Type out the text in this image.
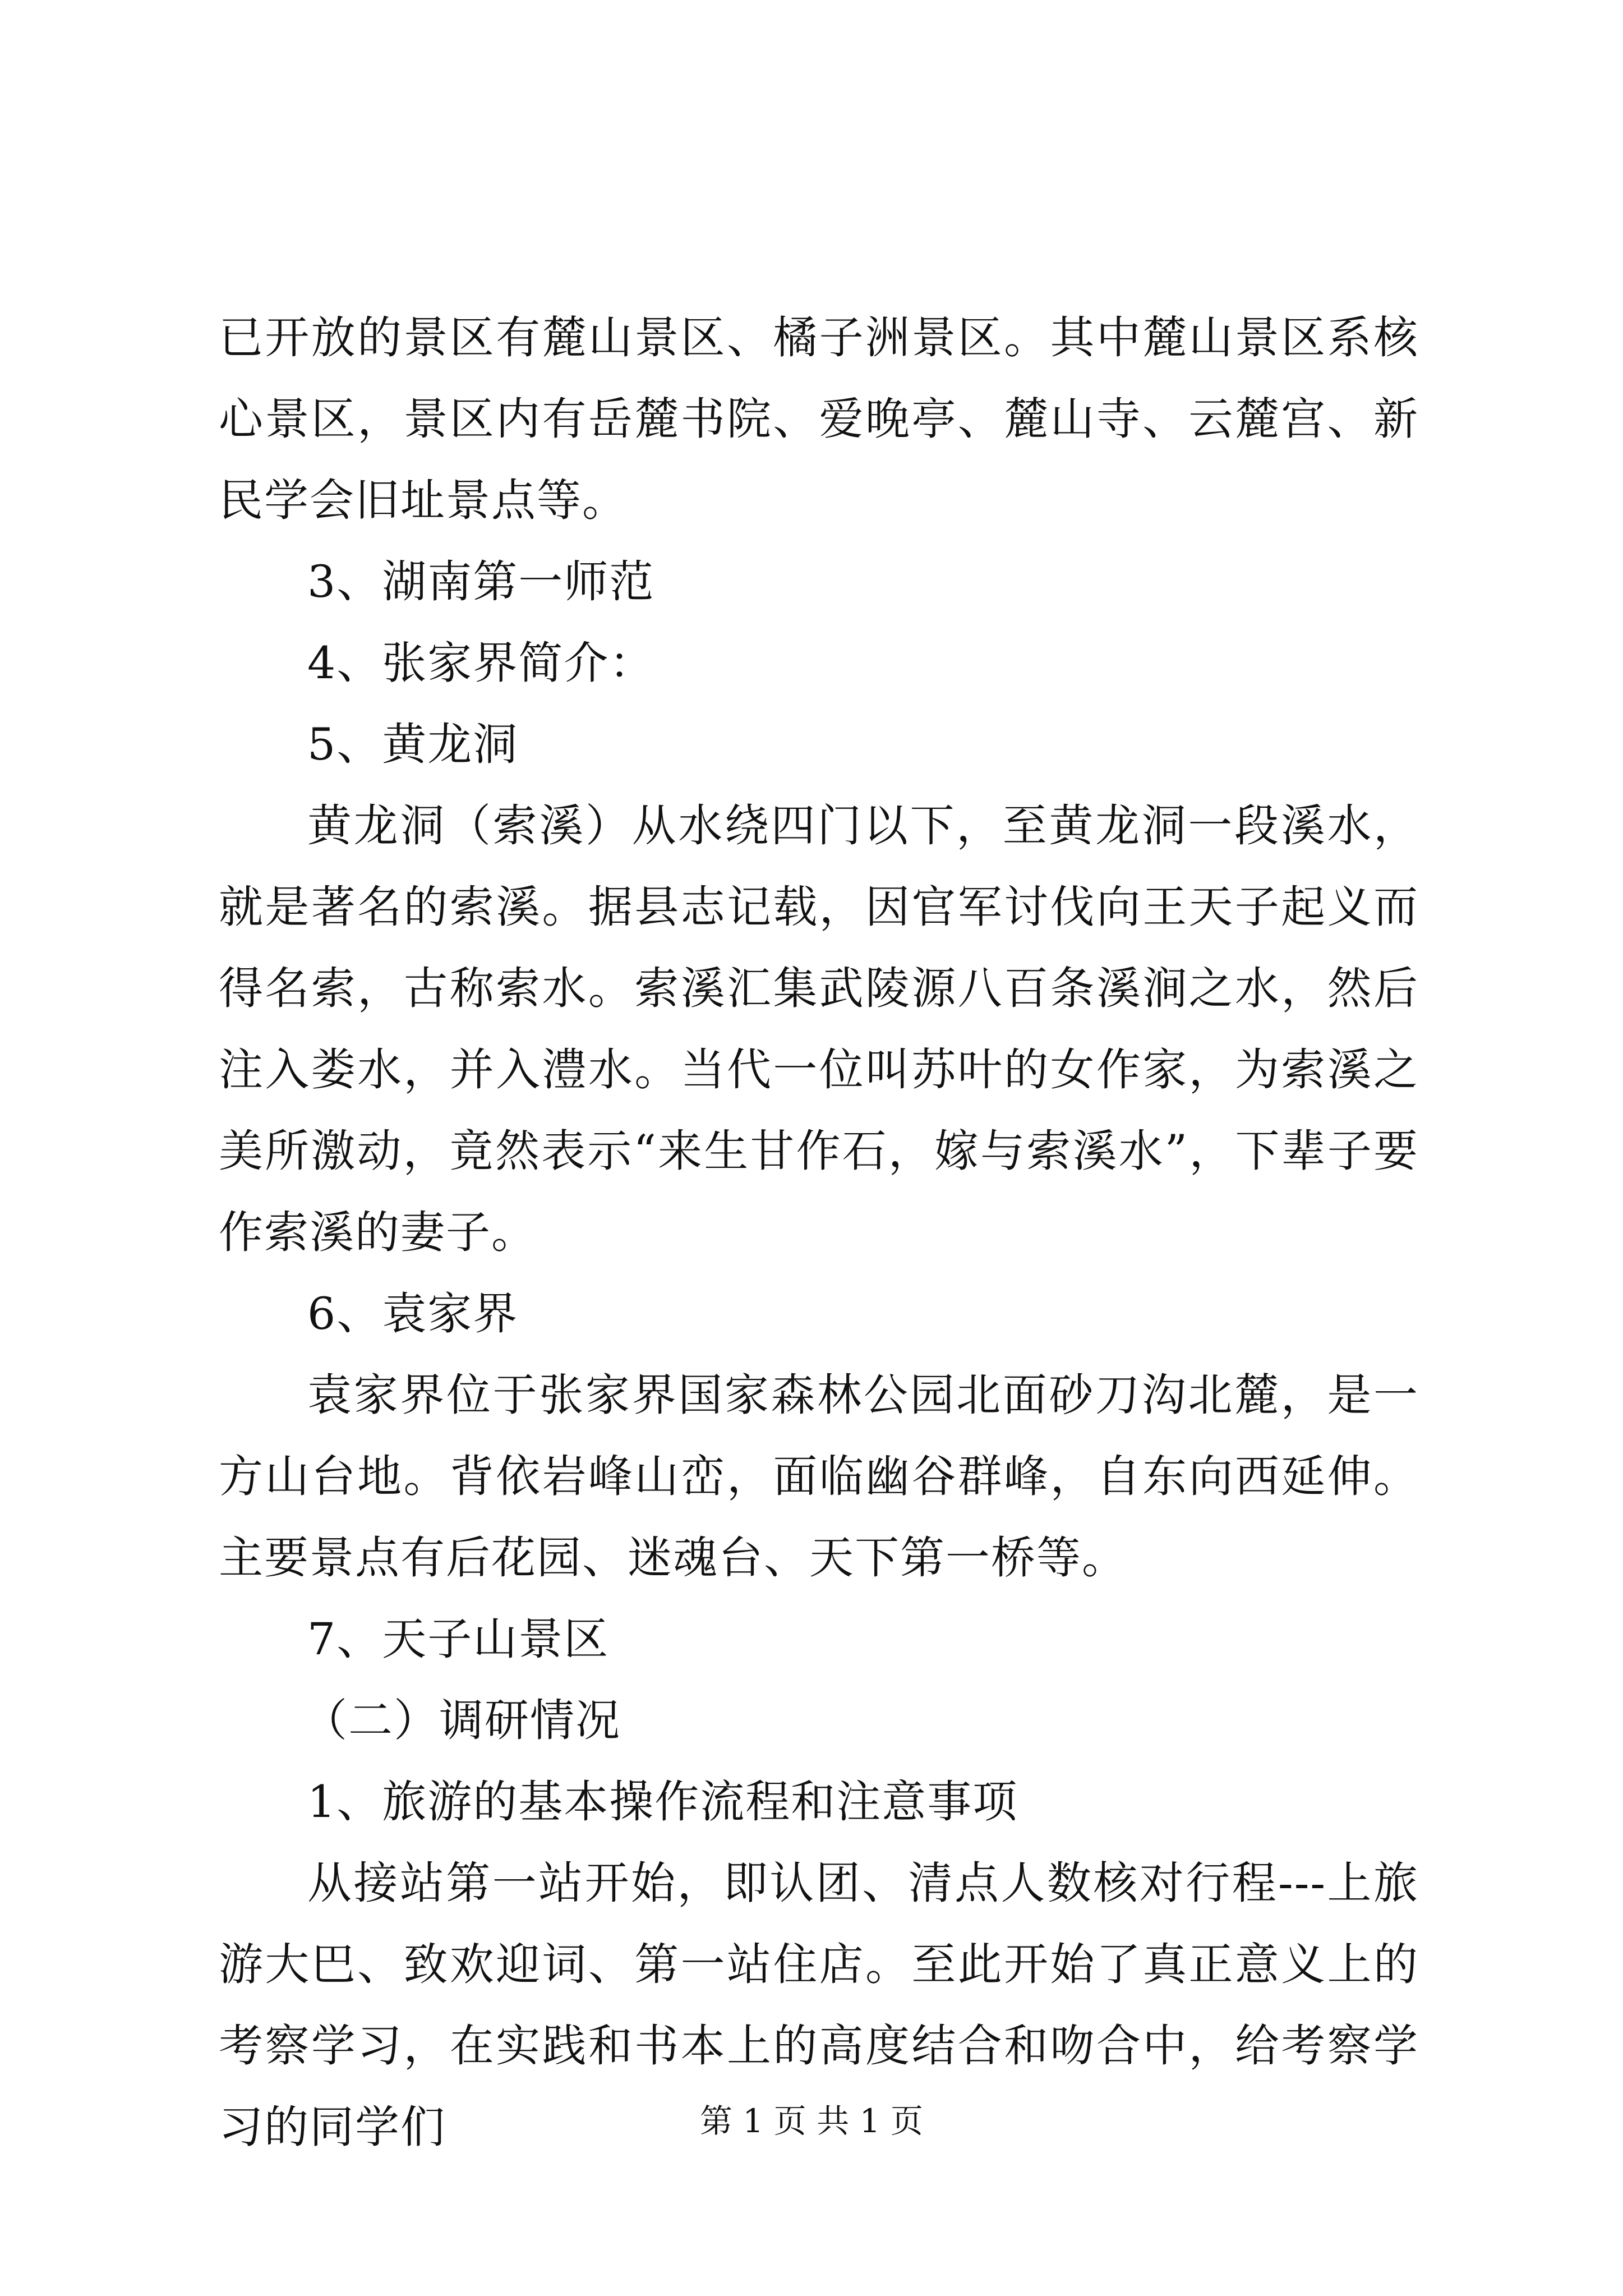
已开放的景区有麓山景区、橘子洲景区。其中麓山景区系核心景区，景区内有岳麓书院、爱晚亭、麓山寺、云麓宫、新民学会旧址景点等。

3、湖南第一师范

4、张家界简介：

5、黄龙洞

黄龙洞（索溪）从水绕四门以下，至黄龙洞一段溪水，就是著名的索溪。据县志记载，因官军讨伐向王天子起义而得名索，古称索水。索溪汇集武陵源八百条溪涧之水，然后注入娄水，并入澧水。当代一位叫苏叶的女作家，为索溪之美所激动，竟然表示“来生甘作石，嫁与索溪水”，下辈子要作索溪的妻子。

6、袁家界

袁家界位于张家界国家森林公园北面砂刀沟北麓，是一方山台地。背依岩峰山峦，面临幽谷群峰，自东向西延伸。主要景点有后花园、迷魂台、天下第一桥等。

7、天子山景区

（二）调研情况

1、旅游的基本操作流程和注意事项

从接站第一站开始，即认团、清点人数核对行程---上旅游大巴、致欢迎词、第一站住店。至此开始了真正意义上的考察学习，在实践和书本上的高度结合和吻合中，给考察学习的同学们	第 1 页 共 1 页
